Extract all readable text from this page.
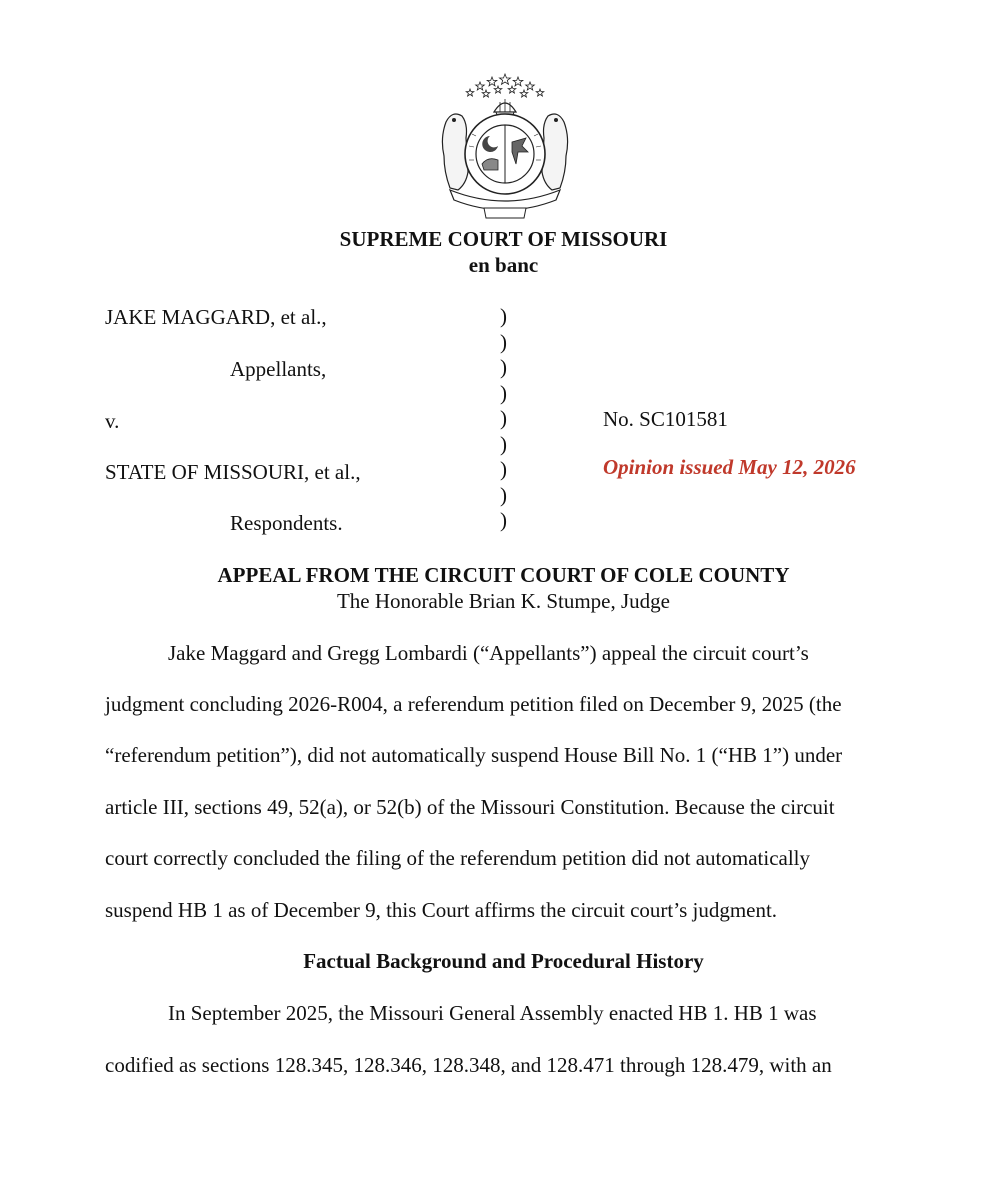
SUPREME COURT OF MISSOURI
en banc
JAKE MAGGARD, et al.,
Appellants,
v.
STATE OF MISSOURI, et al.,
Respondents.
)
)
)
)
)
)
)
)
)
No. SC101581
Opinion issued May 12, 2026
APPEAL FROM THE CIRCUIT COURT OF COLE COUNTY
The Honorable Brian K. Stumpe, Judge
Jake Maggard and Gregg Lombardi (“Appellants”) appeal the circuit court’s
judgment concluding 2026-R004, a referendum petition filed on December 9, 2025 (the
“referendum petition”), did not automatically suspend House Bill No. 1 (“HB 1”) under
article III, sections 49, 52(a), or 52(b) of the Missouri Constitution. Because the circuit
court correctly concluded the filing of the referendum petition did not automatically
suspend HB 1 as of December 9, this Court affirms the circuit court’s judgment.
Factual Background and Procedural History
In September 2025, the Missouri General Assembly enacted HB 1. HB 1 was
codified as sections 128.345, 128.346, 128.348, and 128.471 through 128.479, with an
